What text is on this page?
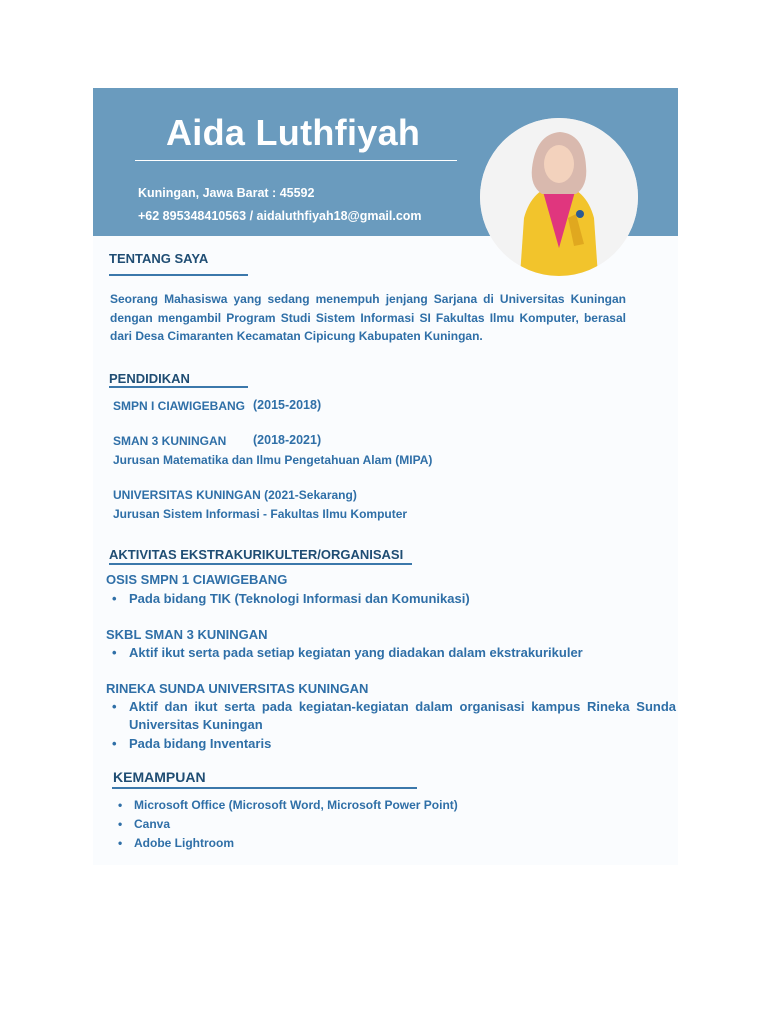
Aida Luthfiyah
Kuningan, Jawa Barat : 45592
+62 895348410563 / aidaluthfiyah18@gmail.com
TENTANG SAYA
Seorang Mahasiswa yang sedang menempuh jenjang Sarjana di Universitas Kuningan dengan mengambil Program Studi Sistem Informasi SI Fakultas Ilmu Komputer, berasal dari Desa Cimaranten Kecamatan Cipicung Kabupaten Kuningan.
PENDIDIKAN
SMPN I CIAWIGEBANG (2015-2018)
SMAN 3 KUNINGAN (2018-2021)
Jurusan Matematika dan Ilmu Pengetahuan Alam (MIPA)
UNIVERSITAS KUNINGAN (2021-Sekarang)
Jurusan Sistem Informasi - Fakultas Ilmu Komputer
AKTIVITAS EKSTRAKURIKULTER/ORGANISASI
OSIS SMPN 1 CIAWIGEBANG
• Pada bidang TIK (Teknologi Informasi dan Komunikasi)
SKBL SMAN 3 KUNINGAN
• Aktif ikut serta pada setiap kegiatan yang diadakan dalam ekstrakurikuler
RINEKA SUNDA UNIVERSITAS KUNINGAN
• Aktif dan ikut serta pada kegiatan-kegiatan dalam organisasi kampus Rineka Sunda Universitas Kuningan
• Pada bidang Inventaris
KEMAMPUAN
• Microsoft Office (Microsoft Word, Microsoft Power Point)
• Canva
• Adobe Lightroom
